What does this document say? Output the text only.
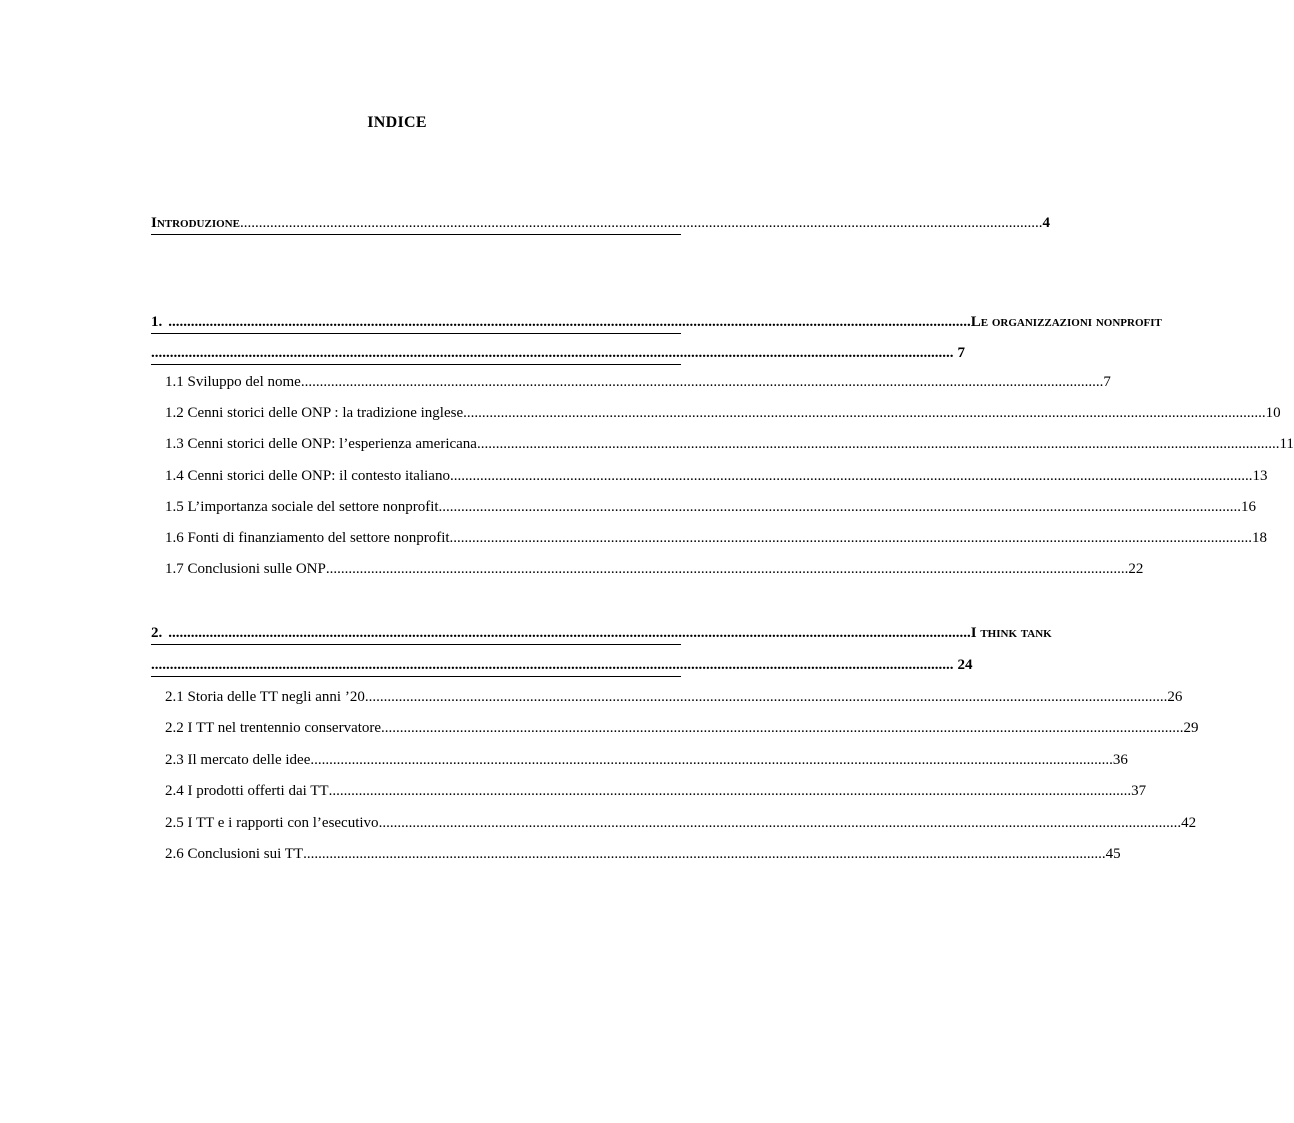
INDICE
Introduzione ...................................................................................................................................................................................................................... 4
1. ...................................................................................................................................................................................................................... Le organizzazioni nonprofit
...................................................................................................................................................................................................................... 7
1.1 Sviluppo del nome ...................................................................................................................................................................................................................... 7
1.2 Cenni storici delle ONP : la tradizione inglese ...................................................................................................................................................................................................................... 10
1.3 Cenni storici delle ONP: l’esperienza americana ...................................................................................................................................................................................................................... 11
1.4 Cenni storici delle ONP: il contesto italiano ...................................................................................................................................................................................................................... 13
1.5 L’importanza sociale del settore nonprofit ...................................................................................................................................................................................................................... 16
1.6 Fonti di finanziamento del settore nonprofit ...................................................................................................................................................................................................................... 18
1.7 Conclusioni sulle ONP ...................................................................................................................................................................................................................... 22
2. ...................................................................................................................................................................................................................... I think tank
...................................................................................................................................................................................................................... 24
2.1 Storia delle TT negli anni ’20 ...................................................................................................................................................................................................................... 26
2.2 I TT nel trentennio conservatore ...................................................................................................................................................................................................................... 29
2.3 Il mercato delle idee ...................................................................................................................................................................................................................... 36
2.4 I prodotti offerti dai TT ...................................................................................................................................................................................................................... 37
2.5 I TT e i rapporti con l’esecutivo ...................................................................................................................................................................................................................... 42
2.6 Conclusioni sui TT ...................................................................................................................................................................................................................... 45
